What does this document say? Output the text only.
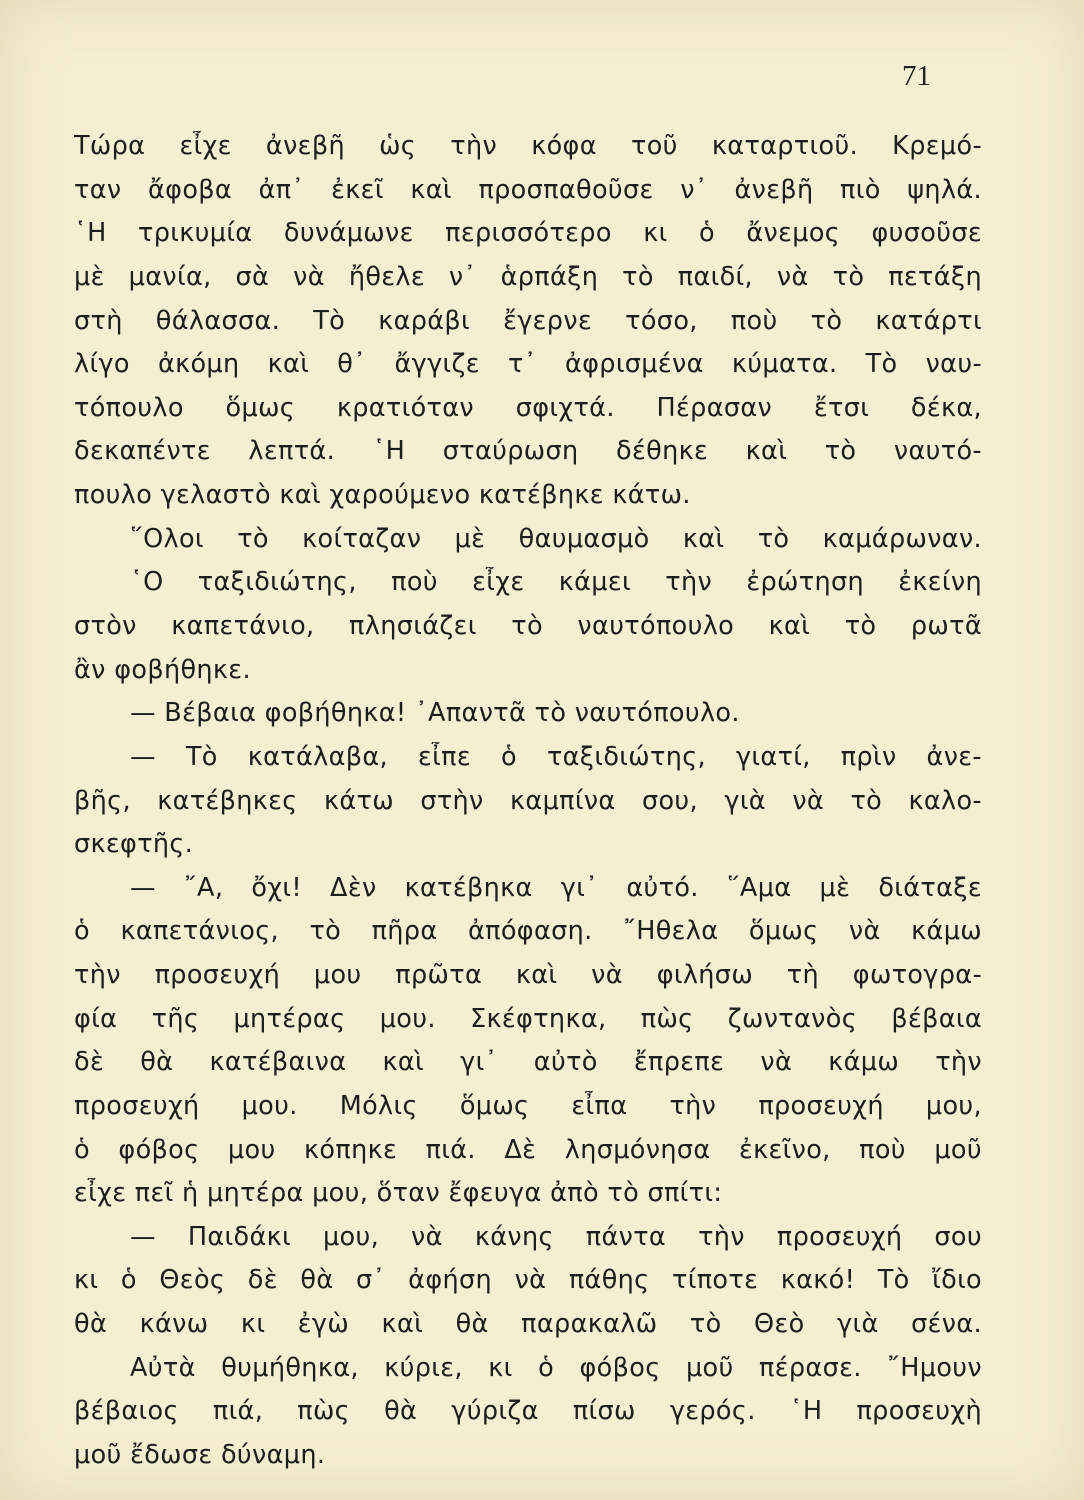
71
Τώρα εἶχε ἀνεβῆ ὡς τὴν κόφα τοῦ καταρτιοῦ. Κρεμό-
ταν ἄφοβα ἀπ᾿ ἐκεῖ καὶ προσπαθοῦσε ν᾿ ἀνεβῆ πιὸ ψηλά.
῾Η τρικυμία δυνάμωνε περισσότερο κι ὁ ἄνεμος φυσοῦσε
μὲ μανία, σὰ νὰ ἤθελε ν᾿ ἁρπάξη τὸ παιδί, νὰ τὸ πετάξη
στὴ θάλασσα. Τὸ καράβι ἔγερνε τόσο, ποὺ τὸ κατάρτι
λίγο ἀκόμη καὶ θ᾿ ἄγγιζε τ᾿ ἀφρισμένα κύματα. Τὸ ναυ-
τόπουλο ὅμως κρατιόταν σφιχτά. Πέρασαν ἔτσι δέκα,
δεκαπέντε λεπτά. ῾Η σταύρωση δέθηκε καὶ τὸ ναυτό-
πουλο γελαστὸ καὶ χαρούμενο κατέβηκε κάτω.
῞Ολοι τὸ κοίταζαν μὲ θαυμασμὸ καὶ τὸ καμάρωναν.
῾Ο ταξιδιώτης, ποὺ εἶχε κάμει τὴν ἐρώτηση ἐκείνη
στὸν καπετάνιο, πλησιάζει τὸ ναυτόπουλο καὶ τὸ ρωτᾶ
ἂν φοβήθηκε.
— Βέβαια φοβήθηκα! ᾿Απαντᾶ τὸ ναυτόπουλο.
— Τὸ κατάλαβα, εἶπε ὁ ταξιδιώτης, γιατί, πρὶν ἀνε-
βῆς, κατέβηκες κάτω στὴν καμπίνα σου, γιὰ νὰ τὸ καλο-
σκεφτῆς.
— ῎Α, ὄχι! Δὲν κατέβηκα γι᾿ αὐτό. ῞Αμα μὲ διάταξε
ὁ καπετάνιος, τὸ πῆρα ἀπόφαση. ῎Ηθελα ὅμως νὰ κάμω
τὴν προσευχή μου πρῶτα καὶ νὰ φιλήσω τὴ φωτογρα-
φία τῆς μητέρας μου. Σκέφτηκα, πὼς ζωντανὸς βέβαια
δὲ θὰ κατέβαινα καὶ γι᾿ αὐτὸ ἔπρεπε νὰ κάμω τὴν
προσευχή μου. Μόλις ὅμως εἶπα τὴν προσευχή μου,
ὁ φόβος μου κόπηκε πιά. Δὲ λησμόνησα ἐκεῖνο, ποὺ μοῦ
εἶχε πεῖ ἡ μητέρα μου, ὅταν ἔφευγα ἀπὸ τὸ σπίτι:
— Παιδάκι μου, νὰ κάνης πάντα τὴν προσευχή σου
κι ὁ Θεὸς δὲ θὰ σ᾿ ἀφήση νὰ πάθης τίποτε κακό! Τὸ ἴδιο
θὰ κάνω κι ἐγὼ καὶ θὰ παρακαλῶ τὸ Θεὸ γιὰ σένα.
Αὐτὰ θυμήθηκα, κύριε, κι ὁ φόβος μοῦ πέρασε. ῎Ημουν
βέβαιος πιά, πὼς θὰ γύριζα πίσω γερός. ῾Η προσευχὴ
μοῦ ἔδωσε δύναμη.
